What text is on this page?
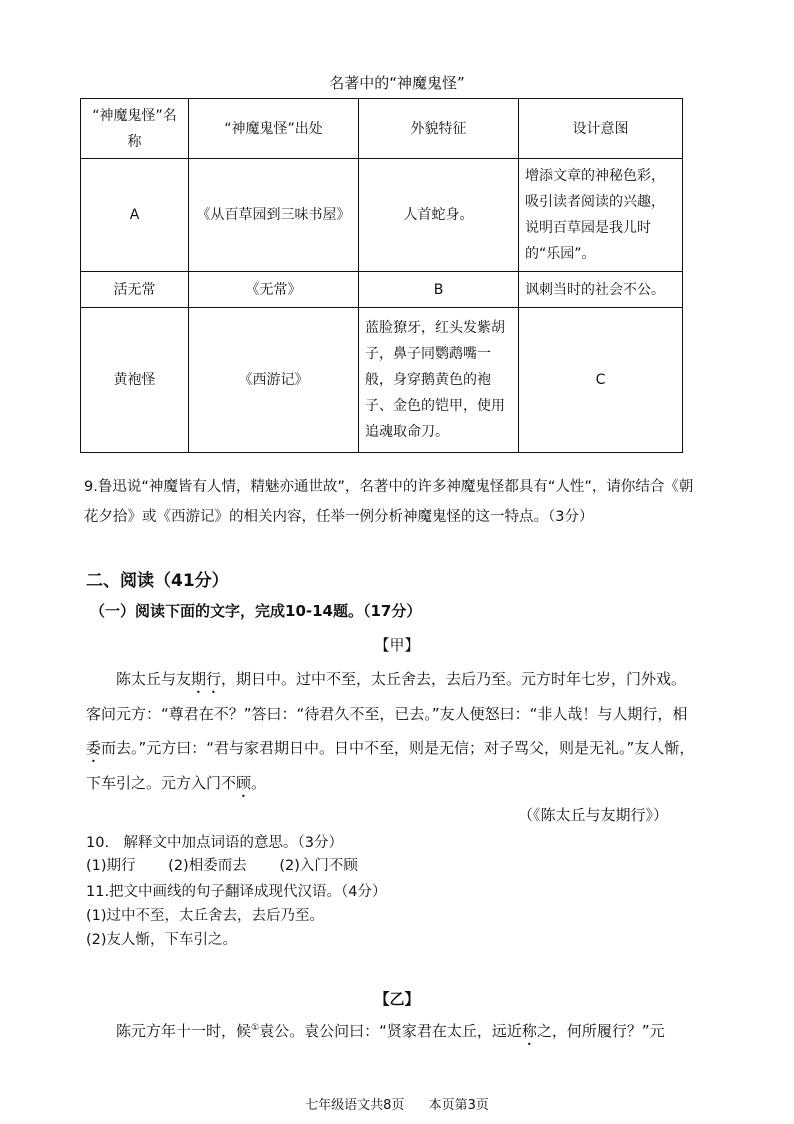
名著中的“神魔鬼怪”
“神魔鬼怪”名称	“神魔鬼怪”出处	外貌特征	设计意图
A	《从百草园到三味书屋》	人首蛇身。	增添文章的神秘色彩，吸引读者阅读的兴趣，说明百草园是我儿时的“乐园”。
活无常	《无常》	B	讽刺当时的社会不公。
黄袍怪	《西游记》	蓝脸獠牙，红头发紫胡子，鼻子同鹦鹉嘴一般，身穿鹅黄色的袍子、金色的铠甲，使用追魂取命刀。	C
9.鲁迅说“神魔皆有人情，精魅亦通世故”，名著中的许多神魔鬼怪都具有“人性”，请你结合《朝花夕拾》或《西游记》的相关内容，任举一例分析神魔鬼怪的这一特点。（3分）
二、阅读（41分）
（一）阅读下面的文字，完成10-14题。（17分）
【甲】
陈太丘与友期行，期日中。过中不至，太丘舍去，去后乃至。元方时年七岁，门外戏。客问元方：“尊君在不？”答曰：“待君久不至，已去。”友人便怒曰：“非人哉！与人期行，相委而去。”元方曰：“君与家君期日中。日中不至，则是无信；对子骂父，则是无礼。”友人惭，下车引之。元方入门不顾。
（《陈太丘与友期行》）
10.　解释文中加点词语的意思。（3分）
(1)期行 (2)相委而去 (2)入门不顾
11.把文中画线的句子翻译成现代汉语。（4分）
(1)过中不至，太丘舍去，去后乃至。
(2)友人惭，下车引之。
【乙】
陈元方年十一时，候①袁公。袁公问曰：“贤家君在太丘，远近称之，何所履行？”元
七年级语文共8页 本页第3页
